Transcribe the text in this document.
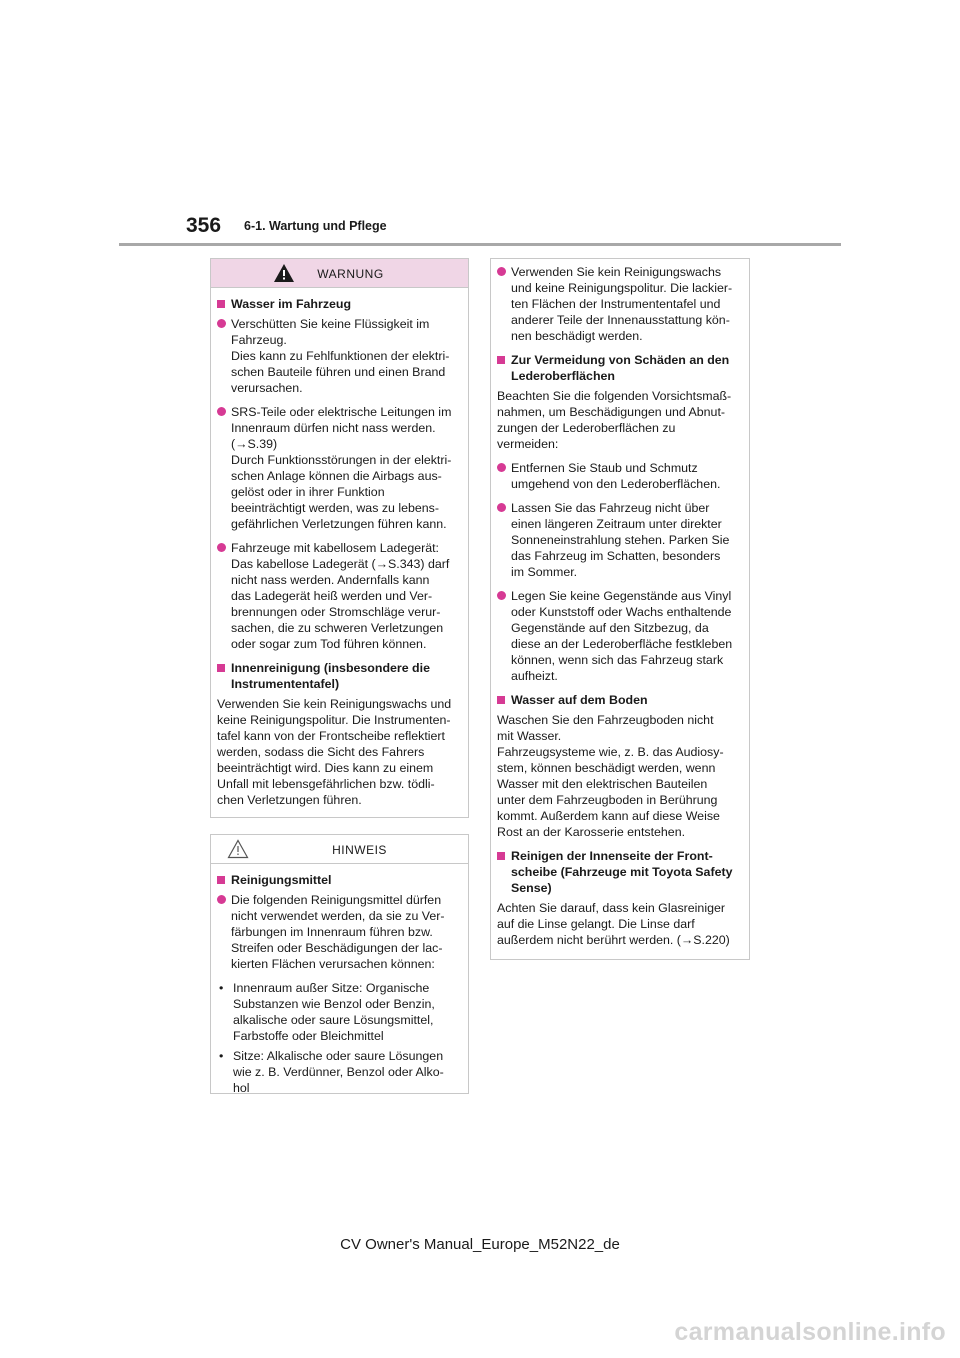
356 6-1. Wartung und Pflege
WARNUNG
Wasser im Fahrzeug
Verschütten Sie keine Flüssigkeit im
Fahrzeug.
Dies kann zu Fehlfunktionen der elektri-
schen Bauteile führen und einen Brand
verursachen.
SRS-Teile oder elektrische Leitungen im
Innenraum dürfen nicht nass werden.
(→S.39)
Durch Funktionsstörungen in der elektri-
schen Anlage können die Airbags aus-
gelöst oder in ihrer Funktion
beeinträchtigt werden, was zu lebens-
gefährlichen Verletzungen führen kann.
Fahrzeuge mit kabellosem Ladegerät:
Das kabellose Ladegerät (→S.343) darf
nicht nass werden. Andernfalls kann
das Ladegerät heiß werden und Ver-
brennungen oder Stromschläge verur-
sachen, die zu schweren Verletzungen
oder sogar zum Tod führen können.
Innenreinigung (insbesondere die
Instrumententafel)
Verwenden Sie kein Reinigungswachs und
keine Reinigungspolitur. Die Instrumenten-
tafel kann von der Frontscheibe reflektiert
werden, sodass die Sicht des Fahrers
beeinträchtigt wird. Dies kann zu einem
Unfall mit lebensgefährlichen bzw. tödli-
chen Verletzungen führen.
HINWEIS
Reinigungsmittel
Die folgenden Reinigungsmittel dürfen
nicht verwendet werden, da sie zu Ver-
färbungen im Innenraum führen bzw.
Streifen oder Beschädigungen der lac-
kierten Flächen verursachen können:
• Innenraum außer Sitze: Organische
Substanzen wie Benzol oder Benzin,
alkalische oder saure Lösungsmittel,
Farbstoffe oder Bleichmittel
• Sitze: Alkalische oder saure Lösungen
wie z. B. Verdünner, Benzol oder Alko-
hol
Verwenden Sie kein Reinigungswachs
und keine Reinigungspolitur. Die lackier-
ten Flächen der Instrumententafel und
anderer Teile der Innenausstattung kön-
nen beschädigt werden.
Zur Vermeidung von Schäden an den
Lederoberflächen
Beachten Sie die folgenden Vorsichtsmaß-
nahmen, um Beschädigungen und Abnut-
zungen der Lederoberflächen zu
vermeiden:
Entfernen Sie Staub und Schmutz
umgehend von den Lederoberflächen.
Lassen Sie das Fahrzeug nicht über
einen längeren Zeitraum unter direkter
Sonneneinstrahlung stehen. Parken Sie
das Fahrzeug im Schatten, besonders
im Sommer.
Legen Sie keine Gegenstände aus Vinyl
oder Kunststoff oder Wachs enthaltende
Gegenstände auf den Sitzbezug, da
diese an der Lederoberfläche festkleben
können, wenn sich das Fahrzeug stark
aufheizt.
Wasser auf dem Boden
Waschen Sie den Fahrzeugboden nicht
mit Wasser.
Fahrzeugsysteme wie, z. B. das Audiosy-
stem, können beschädigt werden, wenn
Wasser mit den elektrischen Bauteilen
unter dem Fahrzeugboden in Berührung
kommt. Außerdem kann auf diese Weise
Rost an der Karosserie entstehen.
Reinigen der Innenseite der Front-
scheibe (Fahrzeuge mit Toyota Safety
Sense)
Achten Sie darauf, dass kein Glasreiniger
auf die Linse gelangt. Die Linse darf
außerdem nicht berührt werden. (→S.220)
CV Owner's Manual_Europe_M52N22_de
carmanualsonline.info
